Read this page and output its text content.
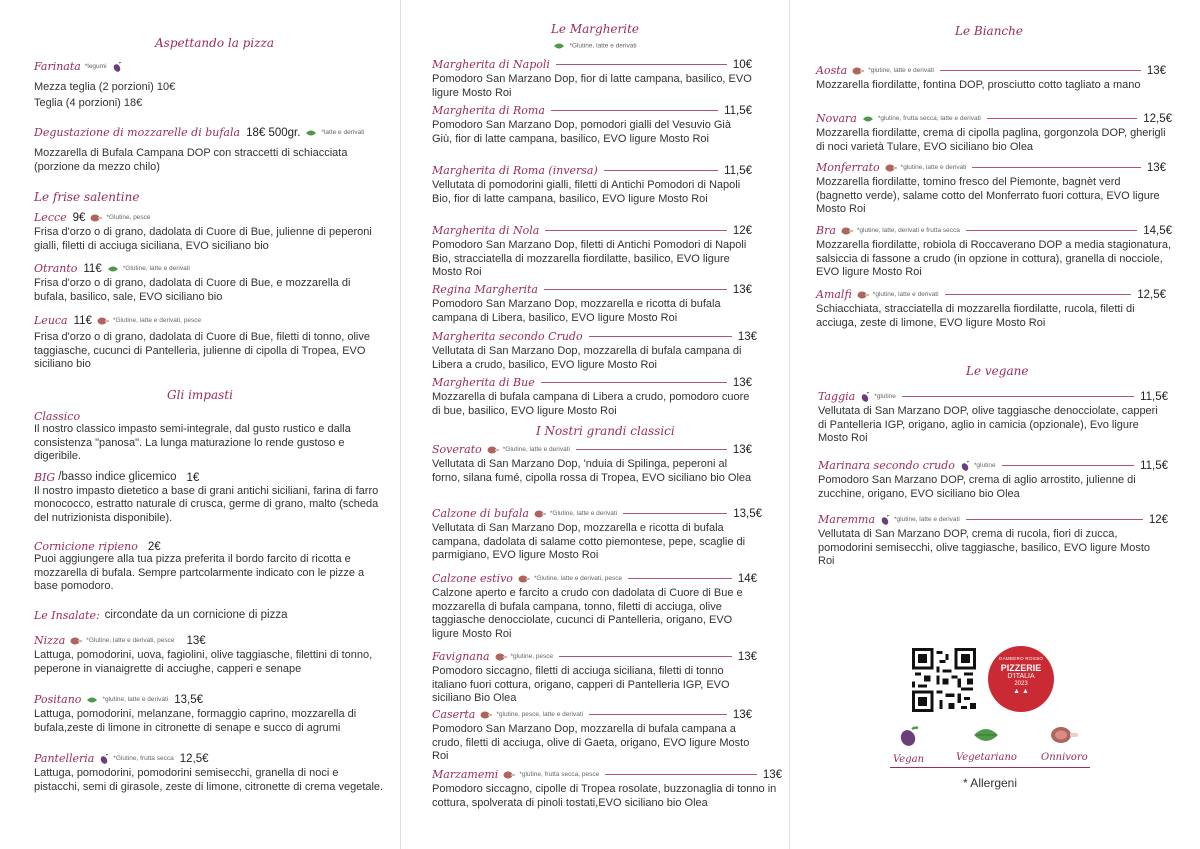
Aspettando la pizza
Farinata *legumi
Mezza teglia (2 porzioni) 10€
Teglia (4 porzioni) 18€
Degustazione di mozzarelle di bufala 18€ 500gr.	*latte e derivati
Mozzarella di Bufala Campana DOP con straccetti di schiacciata (porzione da mezzo chilo)
Le frise salentine
Lecce 9€	*Glutine, pesce
Frisa d'orzo o di grano, dadolata di Cuore di Bue, julienne di peperoni gialli, filetti di acciuga siciliana, EVO siciliano bio
Otranto 11€	*Glutine, latte e derivati
Frisa d'orzo o di grano, dadolata di Cuore di Bue, e mozzarella di bufala, basilico, sale, EVO siciliano bio
Leuca 11€	*Glutine, latte e derivati, pesce
Frisa d'orzo o di grano, dadolata di Cuore di Bue, filetti di tonno, olive taggiasche, cucunci di Pantelleria, julienne di cipolla di Tropea, EVO siciliano bio
Gli impasti
Classico
Il nostro classico impasto semi-integrale, dal gusto rustico e dalla consistenza "panosa". La lunga maturazione lo rende gustoso e digeribile.
BIG /basso indice glicemico 1€
Il nostro impasto dietetico a base di grani antichi siciliani, farina di farro monococco, estratto naturale di crusca, germe di grano, malto (scheda del nutrizionista disponibile).
Cornicione ripieno 2€
Puoi aggiungere alla tua pizza preferita il bordo farcito di ricotta e mozzarella di bufala. Sempre partcolarmente indicato con le pizze a base pomodoro.
Le Insalate: circondate da un cornicione di pizza
Nizza	*Glutine, latte e derivati, pesce 13€
Lattuga, pomodorini, uova, fagiolini, olive taggiasche, filettini di tonno, peperone in vianaigrette di acciughe, capperi e senape
Positano	*glutine, latte e derivati 13,5€
Lattuga, pomodorini, melanzane, formaggio caprino, mozzarella di bufala,zeste di limone in citronette di senape e succo di agrumi
Pantelleria	*Glutine, frutta secca 12,5€
Lattuga, pomodorini, pomodorini semisecchi, granella di noci e pistacchi, semi di girasole, zeste di limone, citronette di crema vegetale.
Le Margherite
*Glutine, latte e derivati
Margherita di Napoli	10€
Pomodoro San Marzano Dop, fior di latte campana, basilico, EVO ligure Mosto Roi
Margherita di Roma	11,5€
Pomodoro San Marzano Dop, pomodori gialli del Vesuvio Già Giù, fior di latte campana, basilico, EVO ligure Mosto Roi
Margherita di Roma (inversa)	11,5€
Vellutata di pomodorini gialli, filetti di Antichi Pomodori di Napoli Bio, fior di latte campana, basilico, EVO ligure Mosto Roi
Margherita di Nola	12€
Pomodoro San Marzano Dop, filetti di Antichi Pomodori di Napoli Bio, stracciatella di mozzarella fiordilatte, basilico, EVO ligure Mosto Roi
Regina Margherita	13€
Pomodoro San Marzano Dop, mozzarella e ricotta di bufala campana di Libera, basilico, EVO ligure Mosto Roi
Margherita secondo Crudo	13€
Vellutata di San Marzano Dop, mozzarella di bufala campana di Libera a crudo, basilico, EVO ligure Mosto Roi
Margherita di Bue	13€
Mozzarella di bufala campana di Libera a crudo, pomodoro cuore di bue, basilico, EVO ligure Mosto Roi
I Nostri grandi classici
Soverato	*Glutine, latte e derivati	13€
Vellutata di San Marzano Dop, 'nduia di Spilinga, peperoni al forno, silana fumé, cipolla rossa di Tropea, EVO siciliano bio Olea
Calzone di bufala	*Glutine, latte e derivati	13,5€
Vellutata di San Marzano Dop, mozzarella e ricotta di bufala campana, dadolata di salame cotto piemontese, pepe, scaglie di parmigiano, EVO ligure Mosto Roi
Calzone estivo	*Glutine, latte e derivati, pesce	14€
Calzone aperto e farcito a crudo con dadolata di Cuore di Bue e mozzarella di bufala campana, tonno, filetti di acciuga, olive taggiasche denocciolate, cucunci di Pantelleria, origano, EVO ligure Mosto Roi
Favignana	*glutine, pesce	13€
Pomodoro siccagno, filetti di acciuga siciliana, filetti di tonno italiano fuori cottura, origano, capperi di Pantelleria IGP, EVO siciliano Bio Olea
Caserta	*glutine, pesce, latte e derivati	13€
Pomodoro San Marzano Dop, mozzarella di bufala campana a crudo, filetti di acciuga, olive di Gaeta, origano, EVO ligure Mosto Roi
Marzamemi	*glutine, frutta secca, pesce	13€
Pomodoro siccagno, cipolle di Tropea rosolate, buzzonaglia di tonno in cottura, spolverata di pinoli tostati,EVO siciliano bio Olea
Le Bianche
Aosta	*glutine, latte e derivati	13€
Mozzarella fiordilatte, fontina DOP, prosciutto cotto tagliato a mano
Novara	*glutine, frutta secca, latte e derivati	12,5€
Mozzarella fiordilatte, crema di cipolla paglina, gorgonzola DOP, gherigli di noci varietà Tulare, EVO siciliano bio Olea
Monferrato	*glutine, latte e derivati	13€
Mozzarella fiordilatte, tomino fresco del Piemonte, bagnèt verd (bagnetto verde), salame cotto del Monferrato fuori cottura, EVO ligure Mosto Roi
Bra	*glutine, latte, derivati e frutta secca	14,5€
Mozzarella fiordilatte, robiola di Roccaverano DOP a media stagionatura, salsiccia di fassone a crudo (in opzione in cottura), granella di nocciole, EVO ligure Mosto Roi
Amalfi	*glutine, latte e derivati	12,5€
Schiacchiata, stracciatella di mozzarella fiordilatte, rucola, filetti di acciuga, zeste di limone, EVO ligure Mosto Roi
Le vegane
Taggia	*glutine	11,5€
Vellutata di San Marzano DOP, olive taggiasche denocciolate, capperi di Pantelleria IGP, origano, aglio in camicia (opzionale), Evo ligure Mosto Roi
Marinara secondo crudo	*glutine	11,5€
Pomodoro San Marzano DOP, crema di aglio arrostito, julienne di zucchine, origano, EVO siciliano bio Olea
Maremma	*glutine, latte e derivati	12€
Vellutata di San Marzano DOP, crema di rucola, fiori di zucca, pomodorini semisecchi, olive taggiasche, basilico, EVO ligure Mosto Roi
GAMBERO ROSSO
PIZZERIE
D'ITALIA
2023
▲ ▲
Vegan	Vegetariano Onnivoro
* Allergeni
